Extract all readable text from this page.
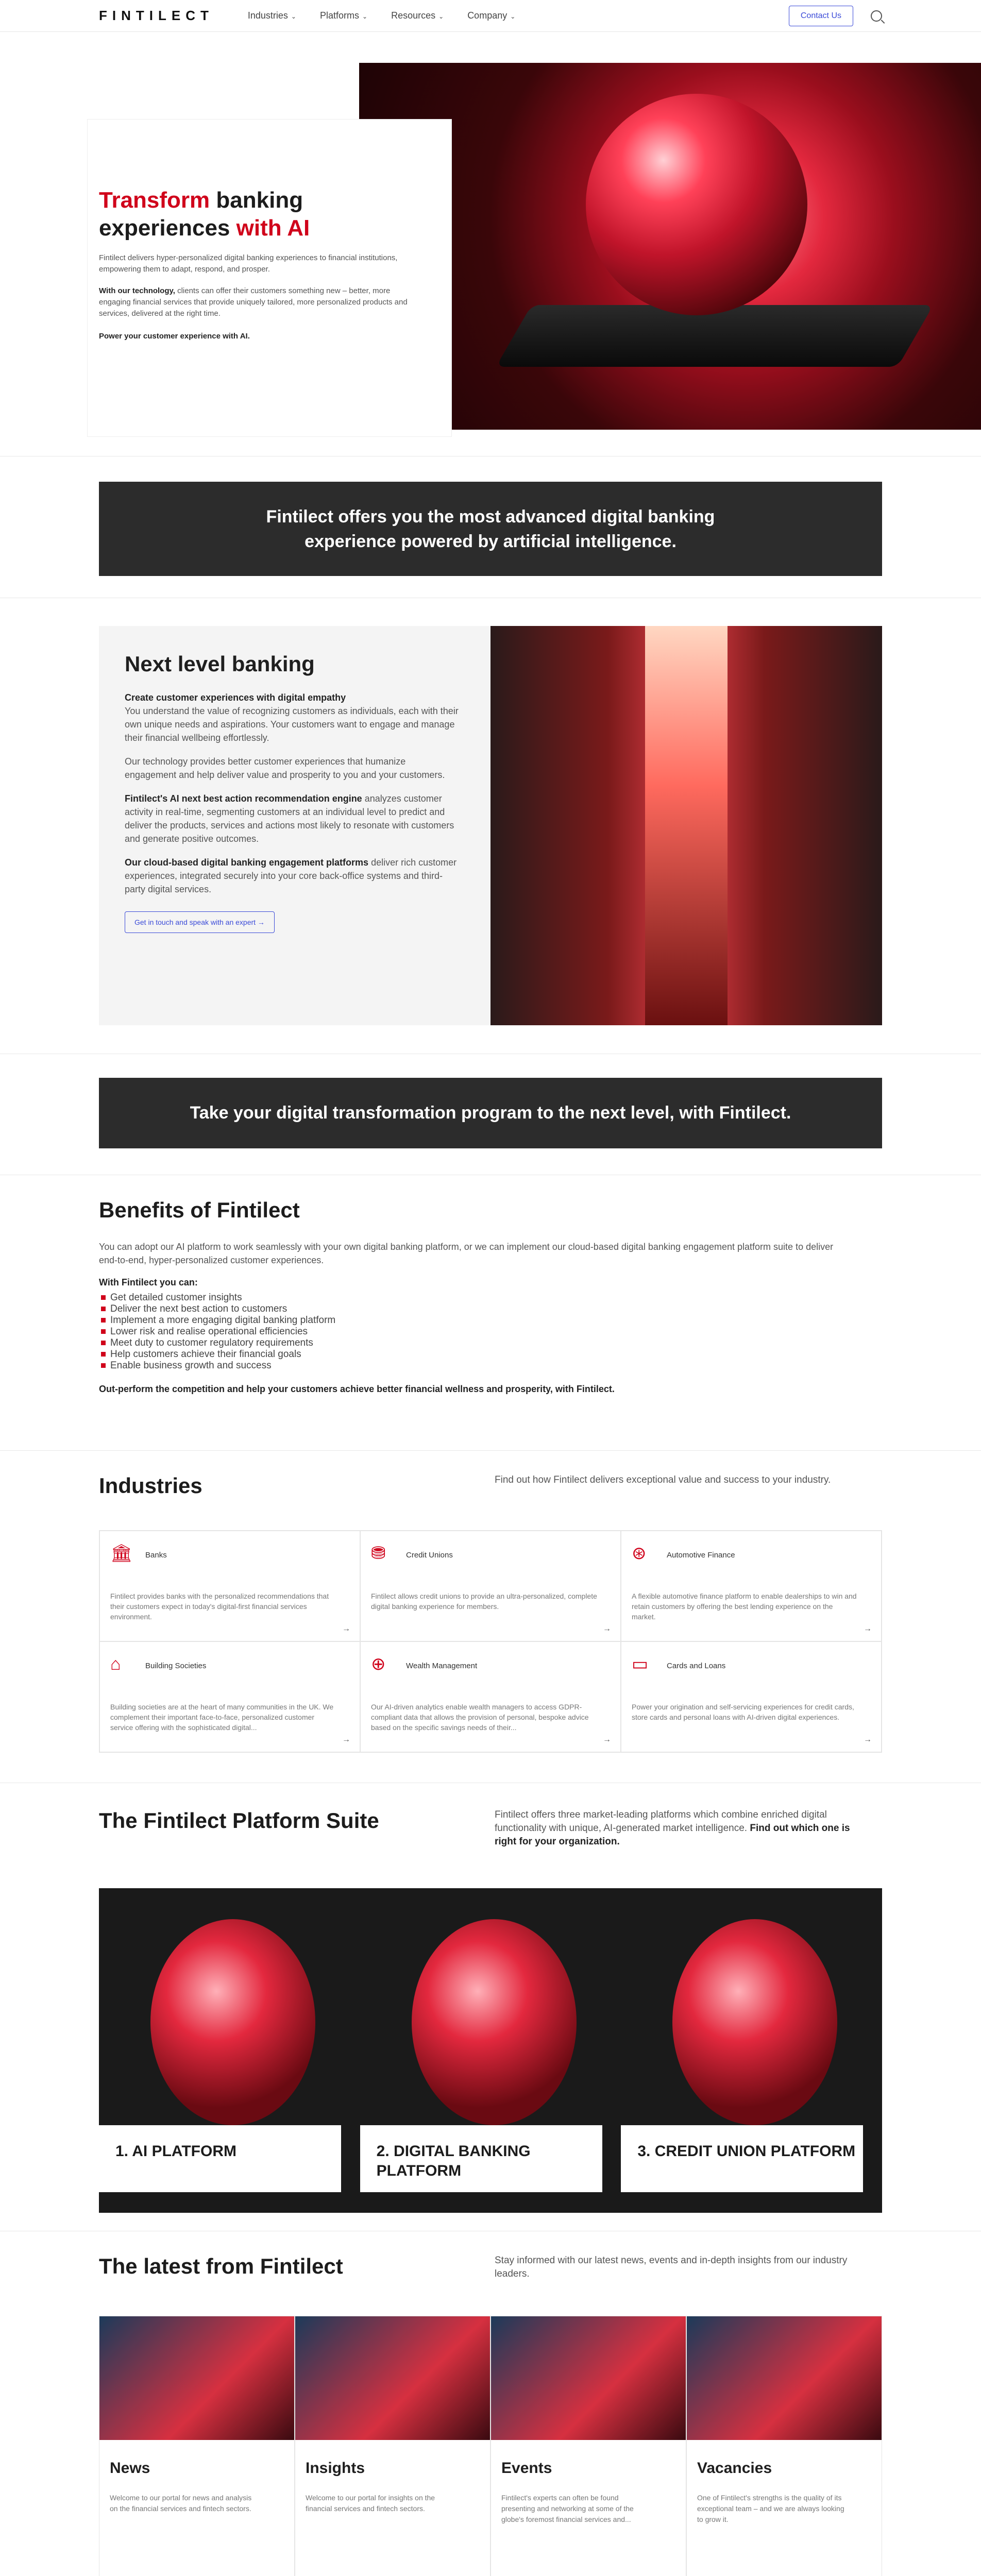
FINTILECT	Industries ⌄	Platforms ⌄	Resources ⌄	Company ⌄	Contact Us
Transform banking experiences with AI

Fintilect delivers hyper-personalized digital banking experiences to financial institutions, empowering them to adapt, respond, and prosper.

With our technology, clients can offer their customers something new – better, more engaging financial services that provide uniquely tailored, more personalized products and services, delivered at the right time.

Power your customer experience with AI.

Fintilect offers you the most advanced digital banking experience powered by artificial intelligence.
Next level banking

Create customer experiences with digital empathy
You understand the value of recognizing customers as individuals, each with their own unique needs and aspirations. Your customers want to engage and manage their financial wellbeing effortlessly.

Our technology provides better customer experiences that humanize engagement and help deliver value and prosperity to you and your customers.

Fintilect's AI next best action recommendation engine analyzes customer activity in real-time, segmenting customers at an individual level to predict and deliver the products, services and actions most likely to resonate with customers and generate positive outcomes.

Our cloud-based digital banking engagement platforms deliver rich customer experiences, integrated securely into your core back-office systems and third-party digital services.

Get in touch and speak with an expert →
Take your digital transformation program to the next level, with Fintilect.
Benefits of Fintilect

You can adopt our AI platform to work seamlessly with your own digital banking platform, or we can implement our cloud-based digital banking engagement platform suite to deliver end-to-end, hyper-personalized customer experiences.

With Fintilect you can:
Get detailed customer insights
Deliver the next best action to customers
Implement a more engaging digital banking platform
Lower risk and realise operational efficiencies
Meet duty to customer regulatory requirements
Help customers achieve their financial goals
Enable business growth and success
Out-perform the competition and help your customers achieve better financial wellness and prosperity, with Fintilect.
Industries	Find out how Fintilect delivers exceptional value and success to your industry.
🏛 Banks

Fintilect provides banks with the personalized recommendations that their customers expect in today's digital-first financial services environment.

→
⛃	Credit Unions

Fintilect allows credit unions to provide an ultra-personalized, complete digital banking experience for members.

→
⊛	Automotive Finance

A flexible automotive finance platform to enable dealerships to win and retain customers by offering the best lending experience on the market.

→
⌂	Building Societies

Building societies are at the heart of many communities in the UK. We complement their important face-to-face, personalized customer service offering with the sophisticated digital...

→
⊕	Wealth Management

Our AI-driven analytics enable wealth managers to access GDPR-compliant data that allows the provision of personal, bespoke advice based on the specific savings needs of their...

→
▭	Cards and Loans

Power your origination and self-servicing experiences for credit cards, store cards and personal loans with AI-driven digital experiences.

→
The Fintilect Platform Suite	Fintilect offers three market-leading platforms which combine enriched digital functionality with unique, AI-generated market intelligence. Find out which one is right for your organization.
1. AI PLATFORM	2. DIGITAL BANKING PLATFORM
3. CREDIT UNION PLATFORM
The latest from Fintilect	Stay informed with our latest news, events and in-depth insights from our industry leaders.
News

Welcome to our portal for news and analysis on the financial services and fintech sectors.

Insights

Welcome to our portal for insights on the financial services and fintech sectors.

Events

Fintilect's experts can often be found presenting and networking at some of the globe's foremost financial services and...

Vacancies

One of Fintilect's strengths is the quality of its exceptional team – and we are always looking to grow it.
